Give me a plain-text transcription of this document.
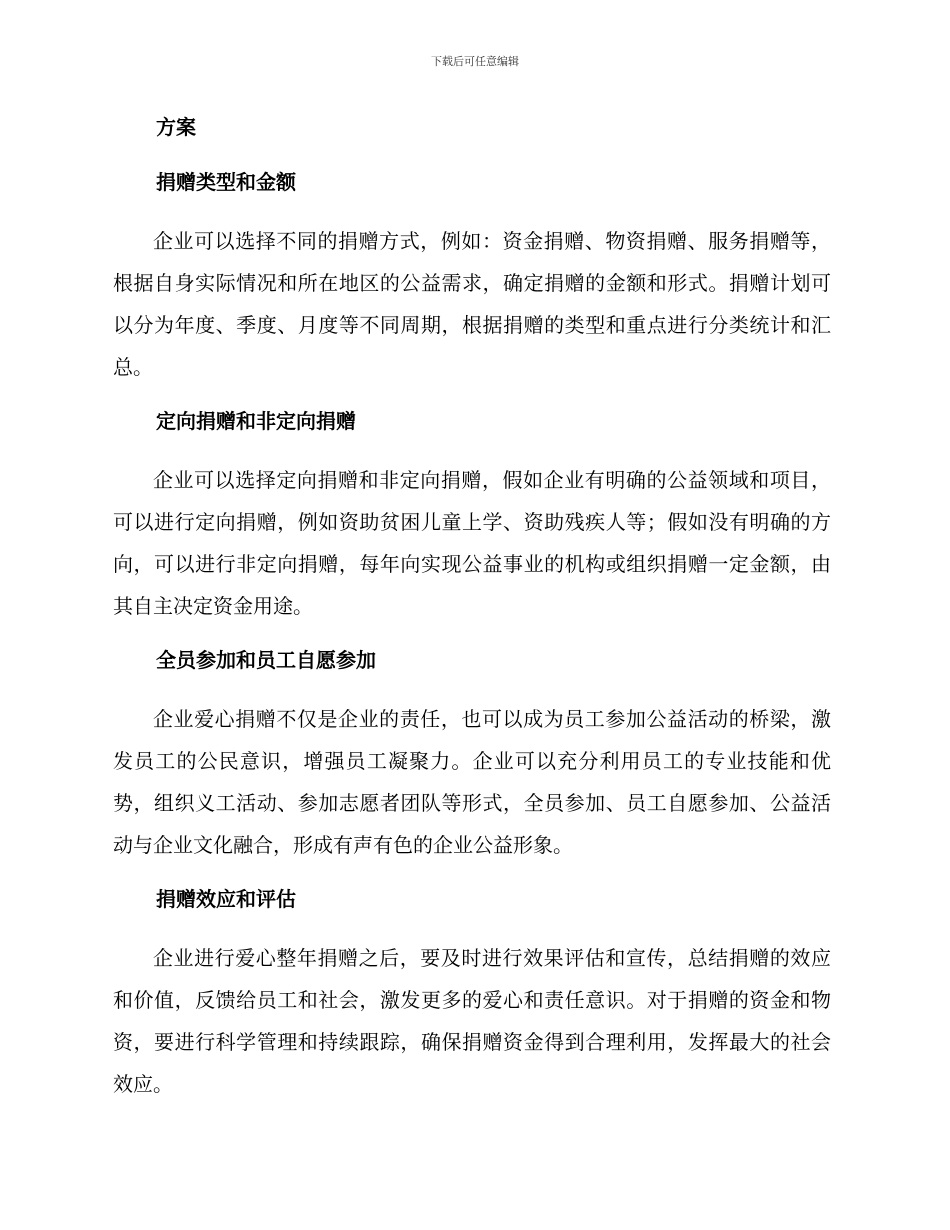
下载后可任意编辑
方案
捐赠类型和金额

企业可以选择不同的捐赠方式，例如：资金捐赠、物资捐赠、服务捐赠等，根据自身实际情况和所在地区的公益需求，确定捐赠的金额和形式。捐赠计划可以分为年度、季度、月度等不同周期，根据捐赠的类型和重点进行分类统计和汇总。

定向捐赠和非定向捐赠

企业可以选择定向捐赠和非定向捐赠，假如企业有明确的公益领域和项目，可以进行定向捐赠，例如资助贫困儿童上学、资助残疾人等；假如没有明确的方向，可以进行非定向捐赠，每年向实现公益事业的机构或组织捐赠一定金额，由其自主决定资金用途。

全员参加和员工自愿参加

企业爱心捐赠不仅是企业的责任，也可以成为员工参加公益活动的桥梁，激发员工的公民意识，增强员工凝聚力。企业可以充分利用员工的专业技能和优势，组织义工活动、参加志愿者团队等形式，全员参加、员工自愿参加、公益活动与企业文化融合，形成有声有色的企业公益形象。

捐赠效应和评估

企业进行爱心整年捐赠之后，要及时进行效果评估和宣传，总结捐赠的效应和价值，反馈给员工和社会，激发更多的爱心和责任意识。对于捐赠的资金和物资，要进行科学管理和持续跟踪，确保捐赠资金得到合理利用，发挥最大的社会效应。
